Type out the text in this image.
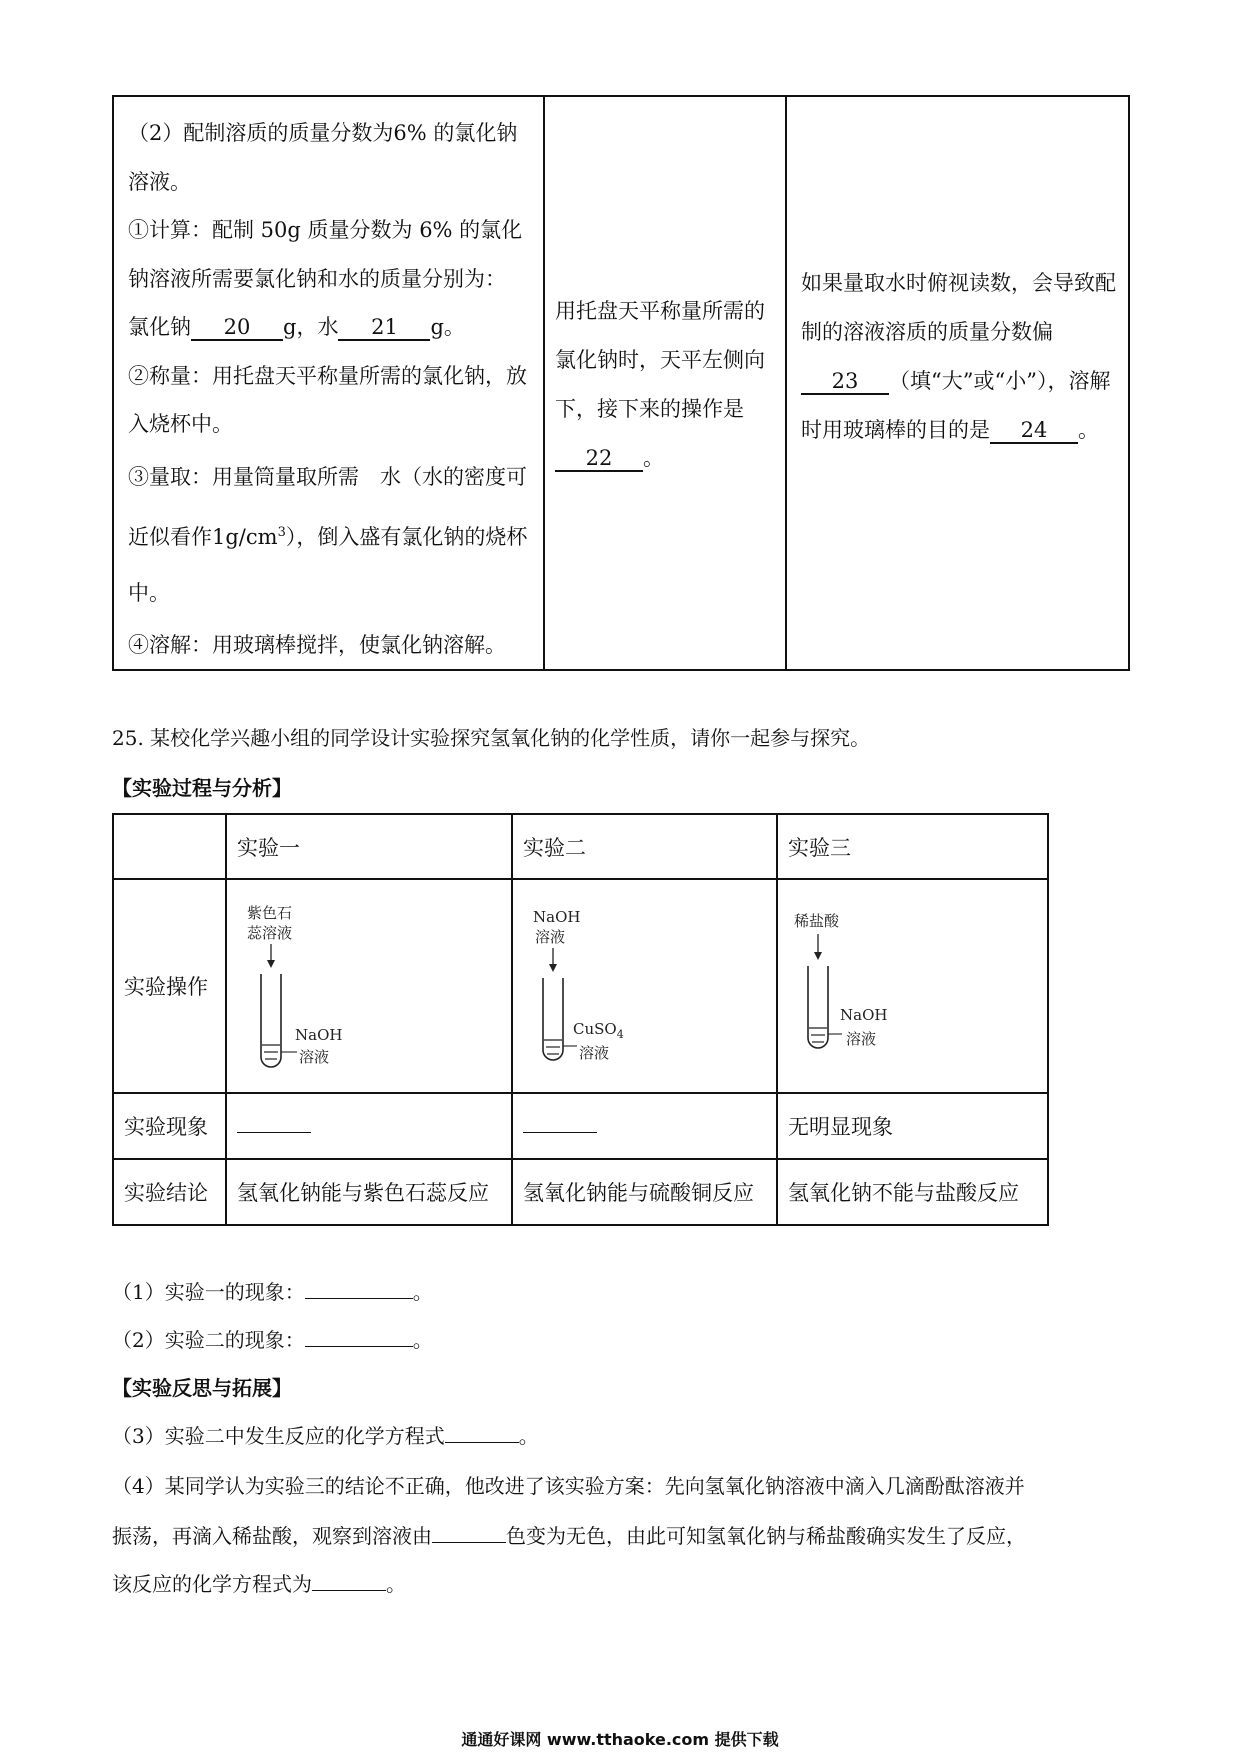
（2）配制溶质的质量分数为6% 的氯化钠溶液。
①计算：配制 50g 质量分数为 6% 的氯化钠溶液所需要氯化钠和水的质量分别为：
氯化钠 20 g，水 21 g。
②称量：用托盘天平称量所需的氯化钠，放入烧杯中。
③量取：用量筒量取所需　水（水的密度可近似看作$1g/cm^3$），倒入盛有氯化钠的烧杯中。
④溶解：用玻璃棒搅拌，使氯化钠溶解。
	用托盘天平称量所需的氯化钠时，天平左侧向下，接下来的操作是22 。	如果量取水时俯视读数，会导致配制的溶液溶质的质量分数偏
23 （填“大”或“小”），溶解时用玻璃棒的目的是 24 。
25. 某校化学兴趣小组的同学设计实验探究氢氧化钠的化学性质，请你一起参与探究。
【实验过程与分析】
	实验一	实验二	实验三
实验操作	紫色石
蕊溶液
NaOH
溶液	NaOH
溶液
CuSO$_4$
溶液	稀盐酸
NaOH
溶液

实验现象			无明显现象
实验结论	氢氧化钠能与紫色石蕊反应	氢氧化钠能与硫酸铜反应	氢氧化钠不能与盐酸反应
（1）实验一的现象：	。
（2）实验二的现象：	。
【实验反思与拓展】
（3）实验二中发生反应的化学方程式	。
（4）某同学认为实验三的结论不正确，他改进了该实验方案：先向氢氧化钠溶液中滴入几滴酚酞溶液并
振荡，再滴入稀盐酸，观察到溶液由	色变为无色，由此可知氢氧化钠与稀盐酸确实发生了反应，
该反应的化学方程式为	。
通通好课网 www.tthaoke.com 提供下载
